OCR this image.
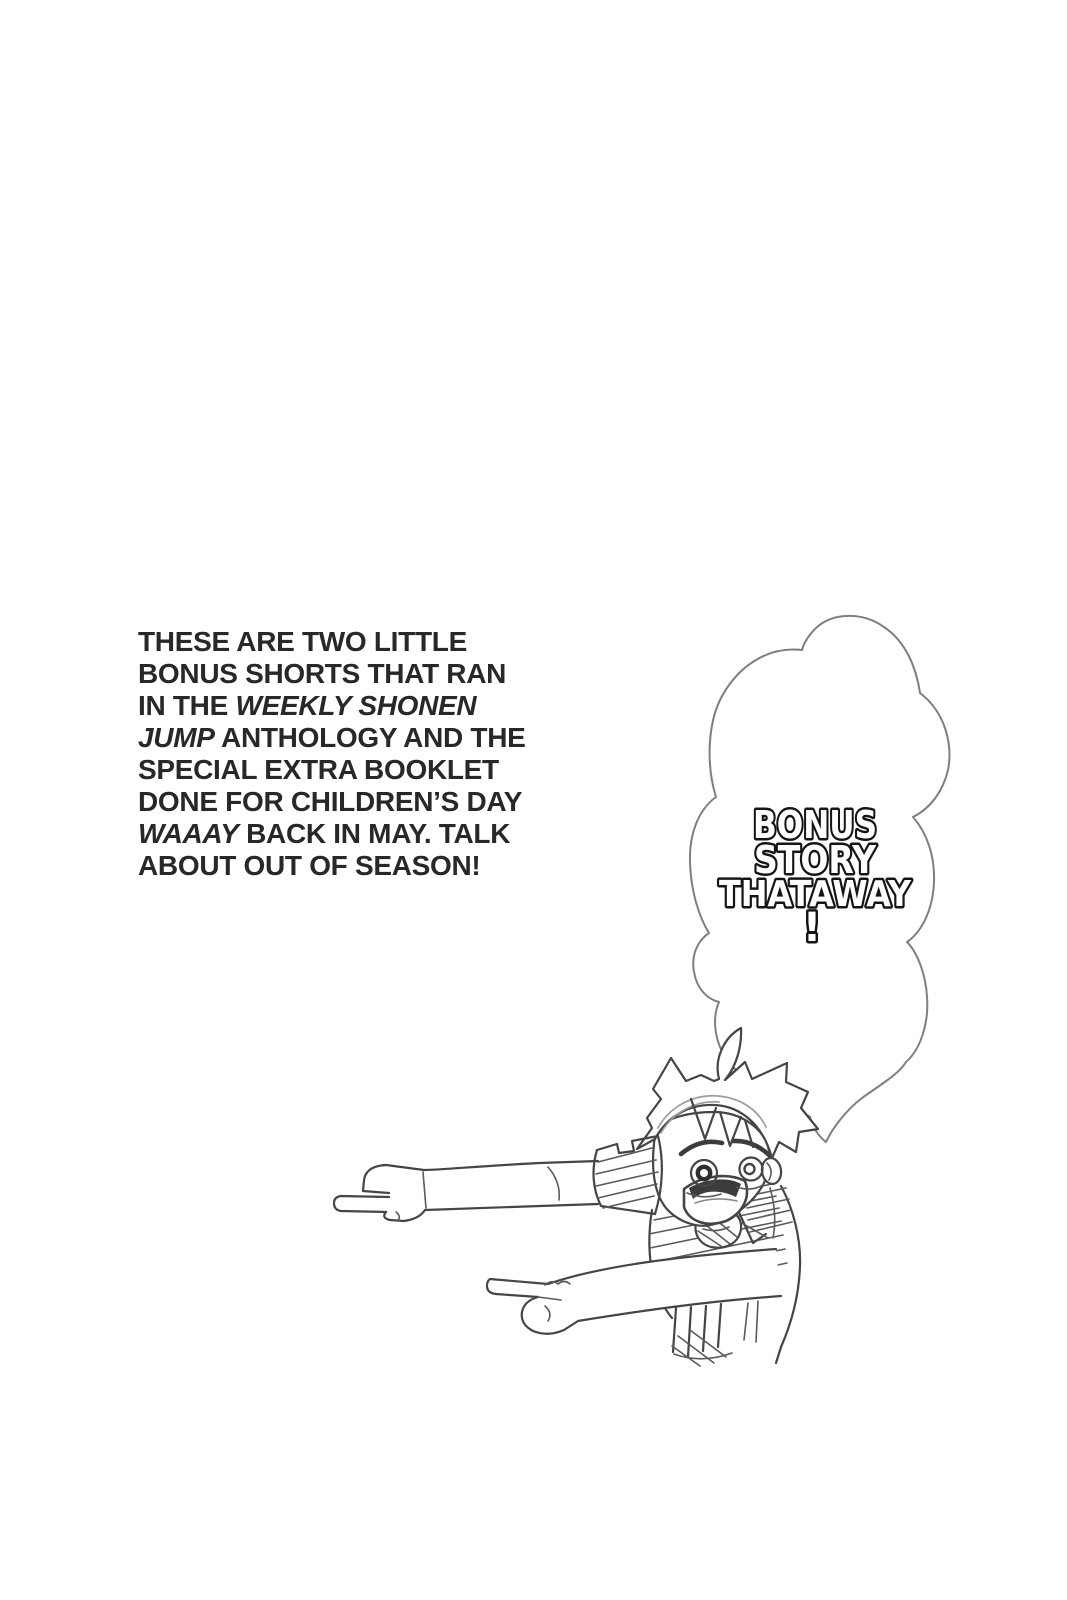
THESE ARE TWO LITTLE
BONUS SHORTS THAT RAN
IN THE WEEKLY SHONEN
JUMP ANTHOLOGY AND THE
SPECIAL EXTRA BOOKLET
DONE FOR CHILDREN’S DAY
WAAAY BACK IN MAY. TALK
ABOUT OUT OF SEASON!
BONUS
STORY
THATAWAY
!
